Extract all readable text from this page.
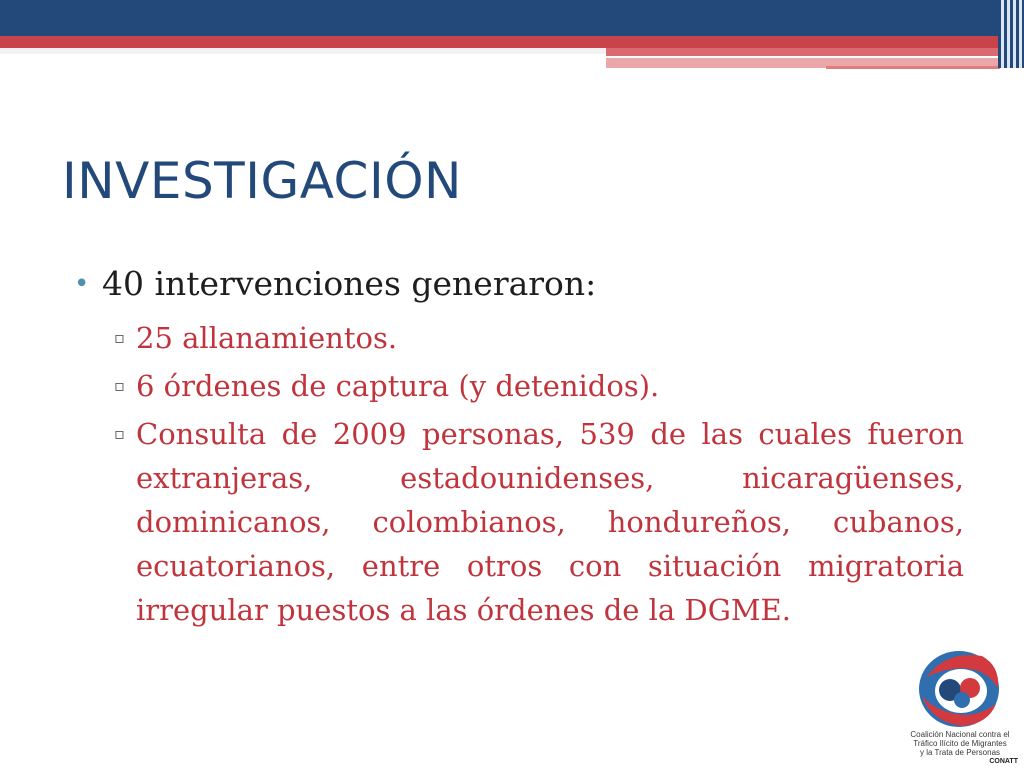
INVESTIGACIÓN
• 40 intervenciones generaron:
▫ 25 allanamientos.
▫ 6 órdenes de captura (y detenidos).
▫ Consulta de 2009 personas, 539 de las cuales fueron extranjeras, estadounidenses, nicaragüenses, dominicanos, colombianos, hondureños, cubanos, ecuatorianos, entre otros con situación migratoria irregular puestos a las órdenes de la DGME.
Coalición Nacional contra el
Tráfico Ilícito de Migrantes
y la Trata de Personas
CONATT
